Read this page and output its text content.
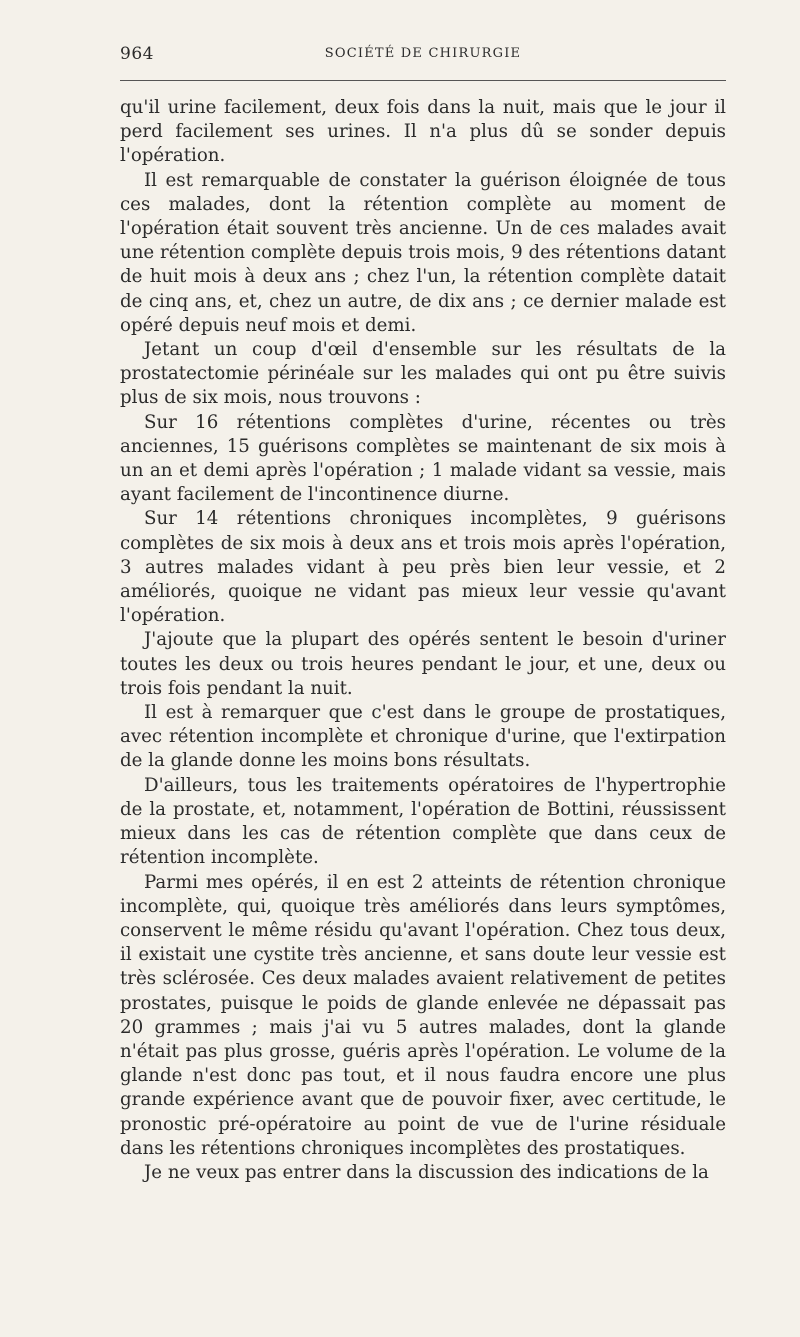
964	SOCIÉTÉ DE CHIRURGIE

qu'il urine facilement, deux fois dans la nuit, mais que le jour il perd facilement ses urines. Il n'a plus dû se sonder depuis l'opération.

Il est remarquable de constater la guérison éloignée de tous ces malades, dont la rétention complète au moment de l'opération était souvent très ancienne. Un de ces malades avait une rétention complète depuis trois mois, 9 des rétentions datant de huit mois à deux ans ; chez l'un, la rétention complète datait de cinq ans, et, chez un autre, de dix ans ; ce dernier malade est opéré depuis neuf mois et demi.

Jetant un coup d'œil d'ensemble sur les résultats de la prostatectomie périnéale sur les malades qui ont pu être suivis plus de six mois, nous trouvons :

Sur 16 rétentions complètes d'urine, récentes ou très anciennes, 15 guérisons complètes se maintenant de six mois à un an et demi après l'opération ; 1 malade vidant sa vessie, mais ayant facilement de l'incontinence diurne.

Sur 14 rétentions chroniques incomplètes, 9 guérisons complètes de six mois à deux ans et trois mois après l'opération, 3 autres malades vidant à peu près bien leur vessie, et 2 améliorés, quoique ne vidant pas mieux leur vessie qu'avant l'opération.

J'ajoute que la plupart des opérés sentent le besoin d'uriner toutes les deux ou trois heures pendant le jour, et une, deux ou trois fois pendant la nuit.

Il est à remarquer que c'est dans le groupe de prostatiques, avec rétention incomplète et chronique d'urine, que l'extirpation de la glande donne les moins bons résultats.

D'ailleurs, tous les traitements opératoires de l'hypertrophie de la prostate, et, notamment, l'opération de Bottini, réussissent mieux dans les cas de rétention complète que dans ceux de rétention incomplète.

Parmi mes opérés, il en est 2 atteints de rétention chronique incomplète, qui, quoique très améliorés dans leurs symptômes, conservent le même résidu qu'avant l'opération. Chez tous deux, il existait une cystite très ancienne, et sans doute leur vessie est très sclérosée. Ces deux malades avaient relativement de petites prostates, puisque le poids de glande enlevée ne dépassait pas 20 grammes ; mais j'ai vu 5 autres malades, dont la glande n'était pas plus grosse, guéris après l'opération. Le volume de la glande n'est donc pas tout, et il nous faudra encore une plus grande expérience avant que de pouvoir fixer, avec certitude, le pronostic pré-opératoire au point de vue de l'urine résiduale dans les rétentions chroniques incomplètes des prostatiques.

Je ne veux pas entrer dans la discussion des indications de la
